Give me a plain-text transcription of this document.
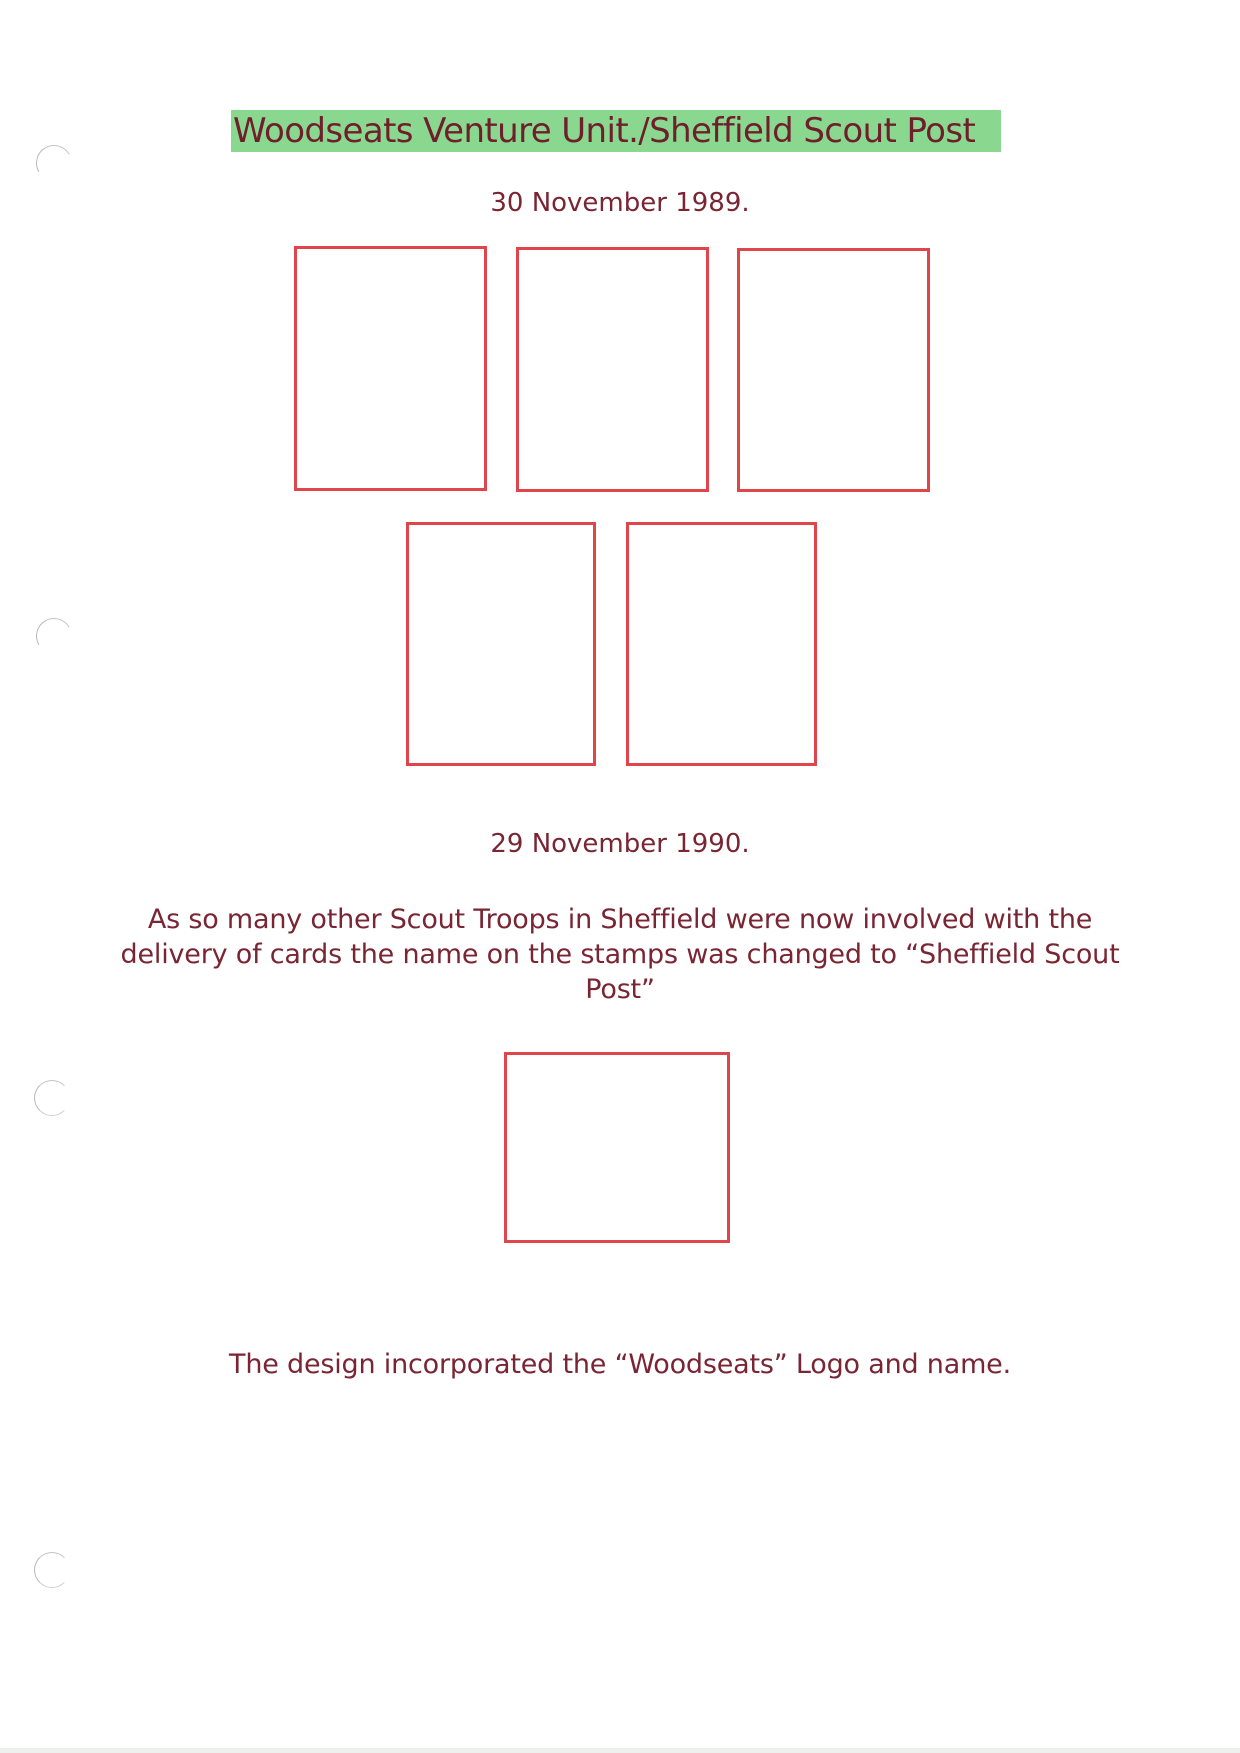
Woodseats Venture Unit./Sheffield Scout Post
30 November 1989.
29 November 1990.
As so many other Scout Troops in Sheffield were now involved with the delivery of cards the name on the stamps was changed to “Sheffield Scout Post”
The design incorporated the “Woodseats” Logo and name.
